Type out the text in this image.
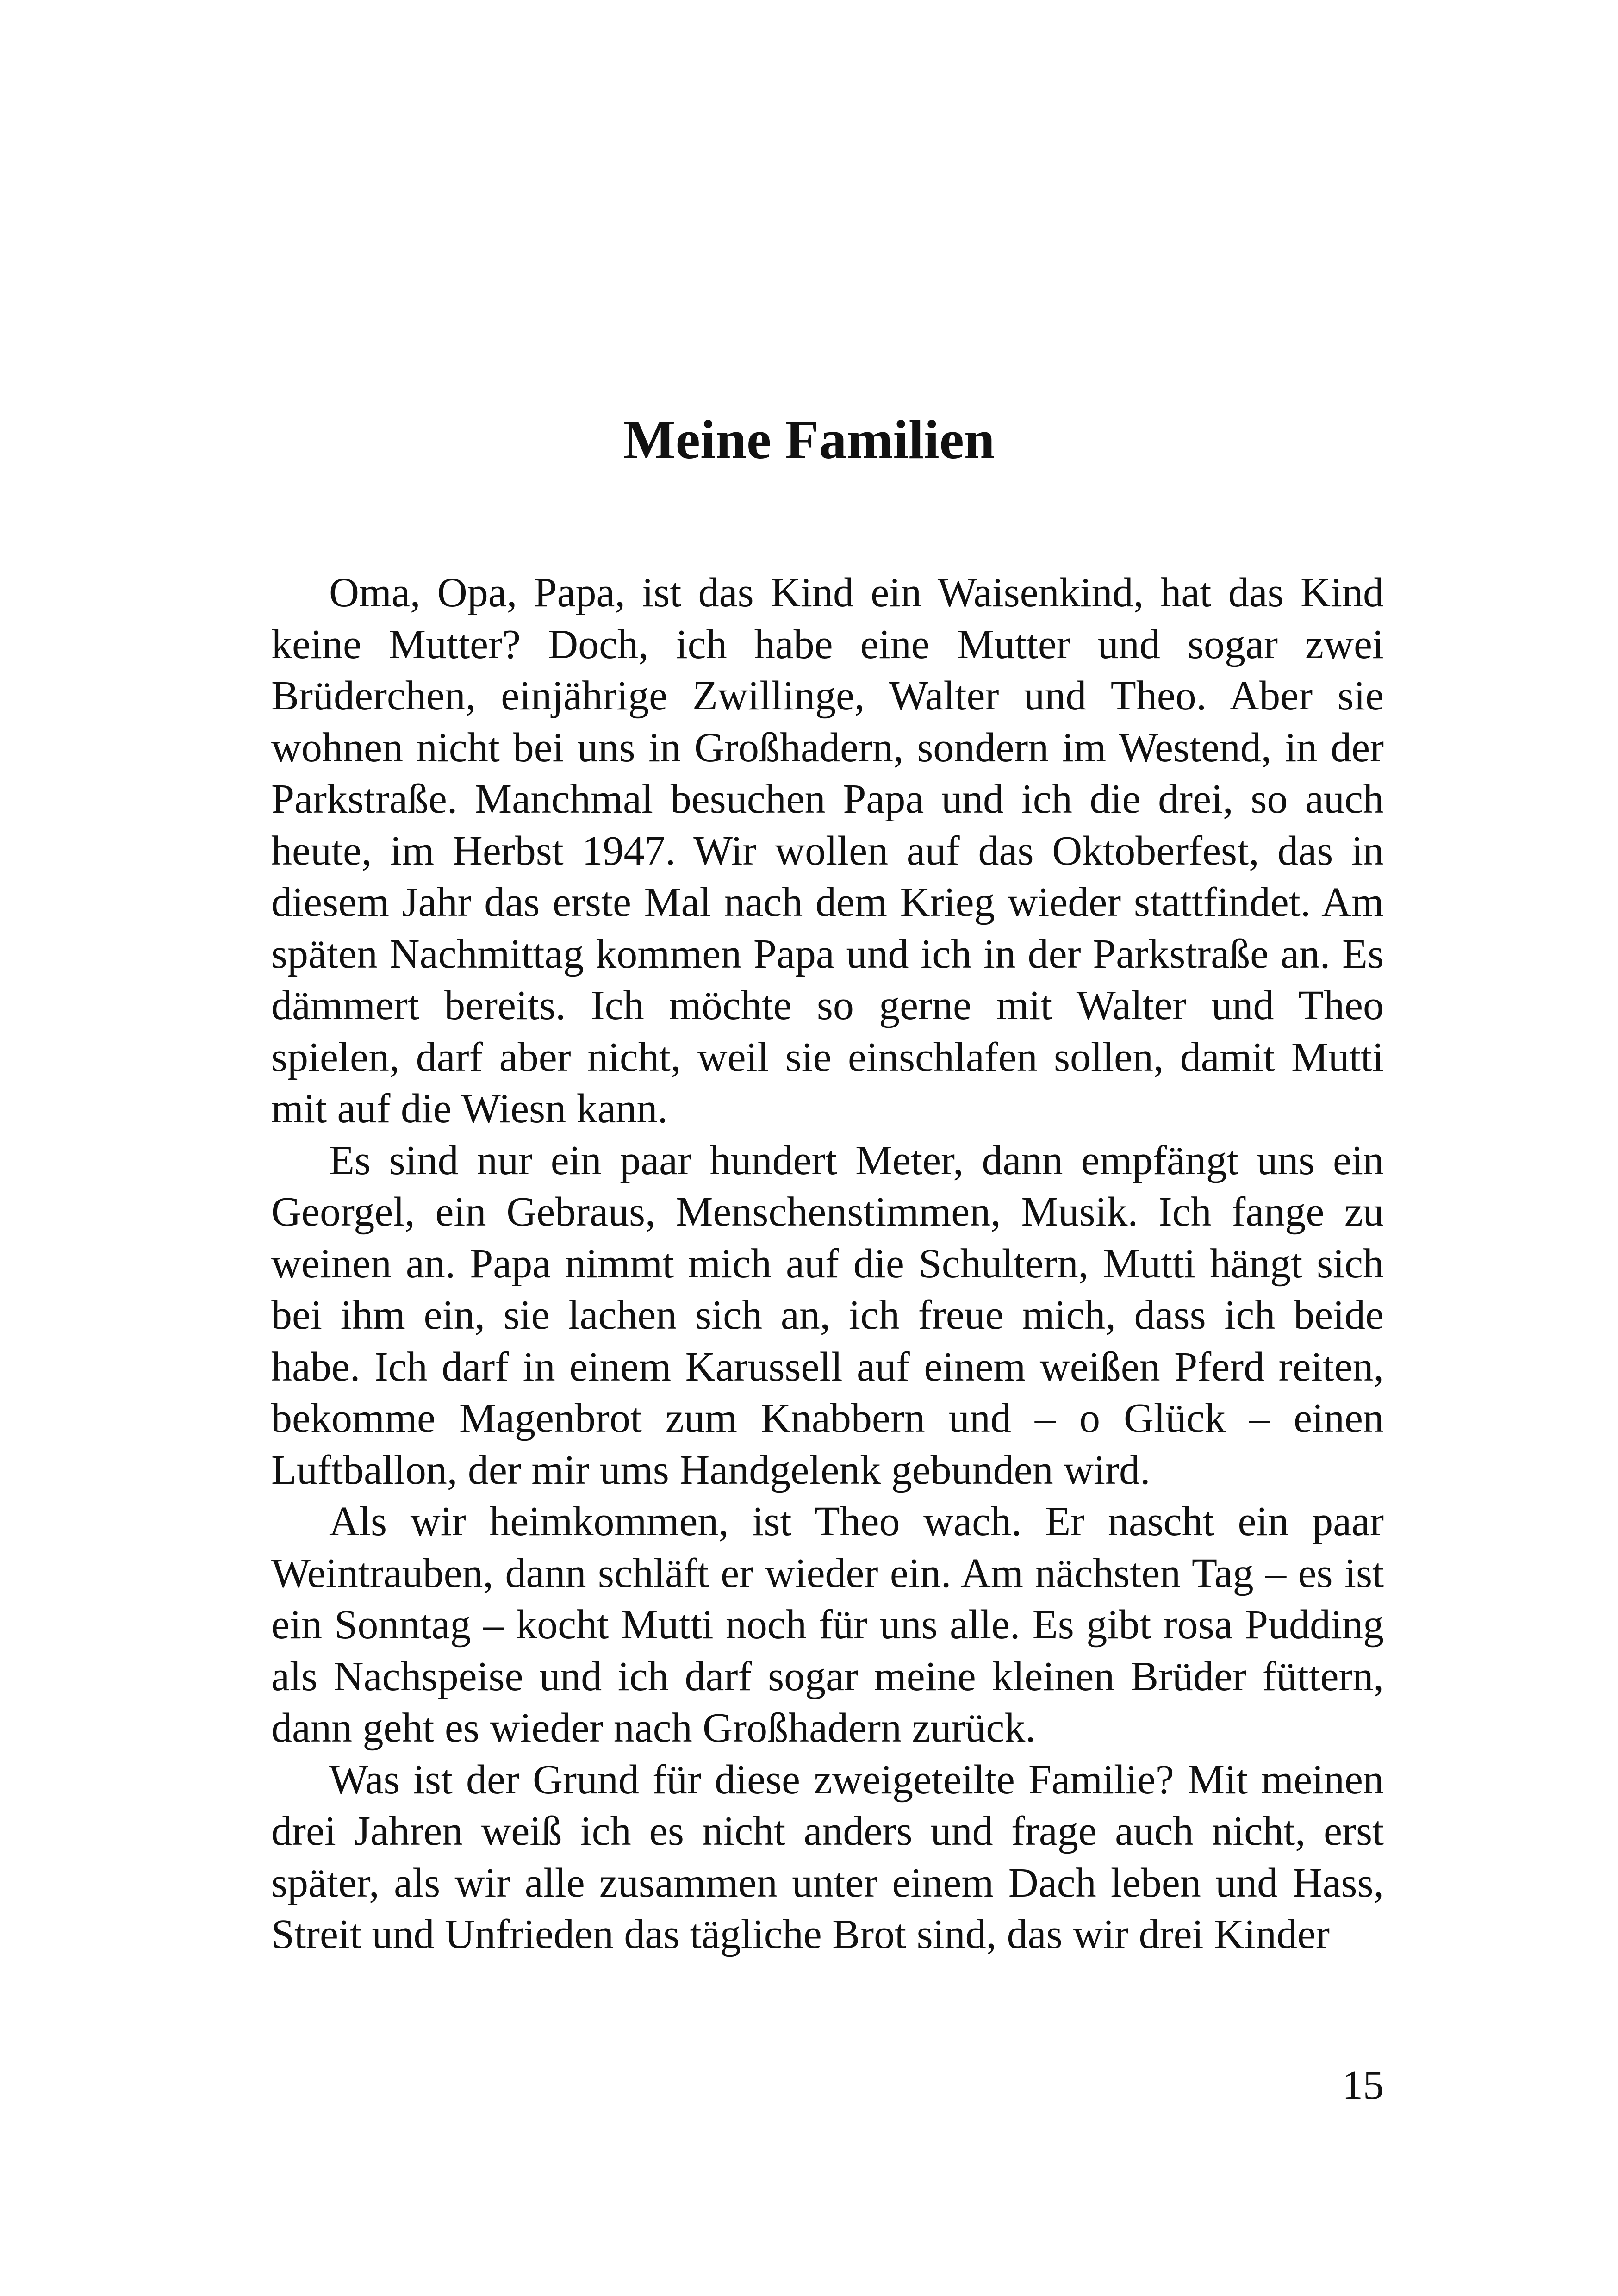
Meine Familien

Oma, Opa, Papa, ist das Kind ein Waisenkind, hat das Kind keine Mutter? Doch, ich habe eine Mutter und sogar zwei Brüderchen, einjährige Zwillinge, Walter und Theo. Aber sie wohnen nicht bei uns in Großhadern, sondern im Westend, in der Parkstraße. Manchmal besuchen Papa und ich die drei, so auch heute, im Herbst 1947. Wir wollen auf das Oktoberfest, das in diesem Jahr das erste Mal nach dem Krieg wieder stattfindet. Am späten Nachmittag kommen Papa und ich in der Parkstraße an. Es dämmert bereits. Ich möchte so gerne mit Walter und Theo spielen, darf aber nicht, weil sie einschlafen sollen, damit Mutti mit auf die Wiesn kann.

Es sind nur ein paar hundert Meter, dann empfängt uns ein Georgel, ein Gebraus, Menschenstimmen, Musik. Ich fange zu weinen an. Papa nimmt mich auf die Schultern, Mutti hängt sich bei ihm ein, sie lachen sich an, ich freue mich, dass ich beide habe. Ich darf in einem Karussell auf einem weißen Pferd reiten, bekomme Magenbrot zum Knabbern und – o Glück – einen Luftballon, der mir ums Handgelenk gebunden wird.

Als wir heimkommen, ist Theo wach. Er nascht ein paar Weintrauben, dann schläft er wieder ein. Am nächsten Tag – es ist ein Sonntag – kocht Mutti noch für uns alle. Es gibt rosa Pudding als Nachspeise und ich darf sogar meine kleinen Brüder füttern, dann geht es wieder nach Großhadern zurück.

Was ist der Grund für diese zweigeteilte Familie? Mit meinen drei Jahren weiß ich es nicht anders und frage auch nicht, erst später, als wir alle zusammen unter einem Dach leben und Hass, Streit und Unfrieden das tägliche Brot sind, das wir drei Kinder

15
